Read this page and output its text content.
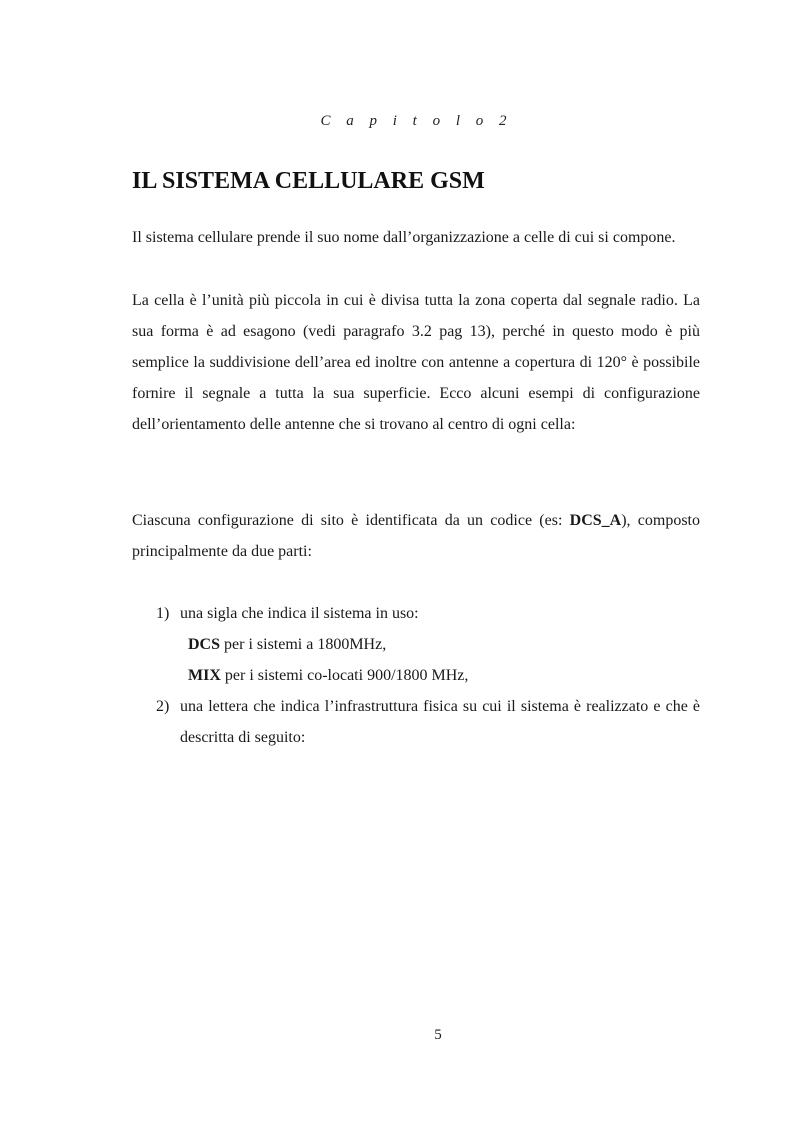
C a p i t o l o 2
IL SISTEMA CELLULARE GSM

Il sistema cellulare prende il suo nome dall’organizzazione a celle di cui si compone.

La cella è l’unità più piccola in cui è divisa tutta la zona coperta dal segnale radio. La sua forma è ad esagono (vedi paragrafo 3.2 pag 13), perché in questo modo è più semplice la suddivisione dell’area ed inoltre con antenne a copertura di 120° è possibile fornire il segnale a tutta la sua superficie. Ecco alcuni esempi di configurazione dell’orientamento delle antenne che si trovano al centro di ogni cella:

Ciascuna configurazione di sito è identificata da un codice (es: DCS_A), composto principalmente da due parti:

1) una sigla che indica il sistema in uso:
DCS per i sistemi a 1800MHz,
MIX per i sistemi co-locati 900/1800 MHz,
2) una lettera che indica l’infrastruttura fisica su cui il sistema è realizzato e che è descritta di seguito:
5
